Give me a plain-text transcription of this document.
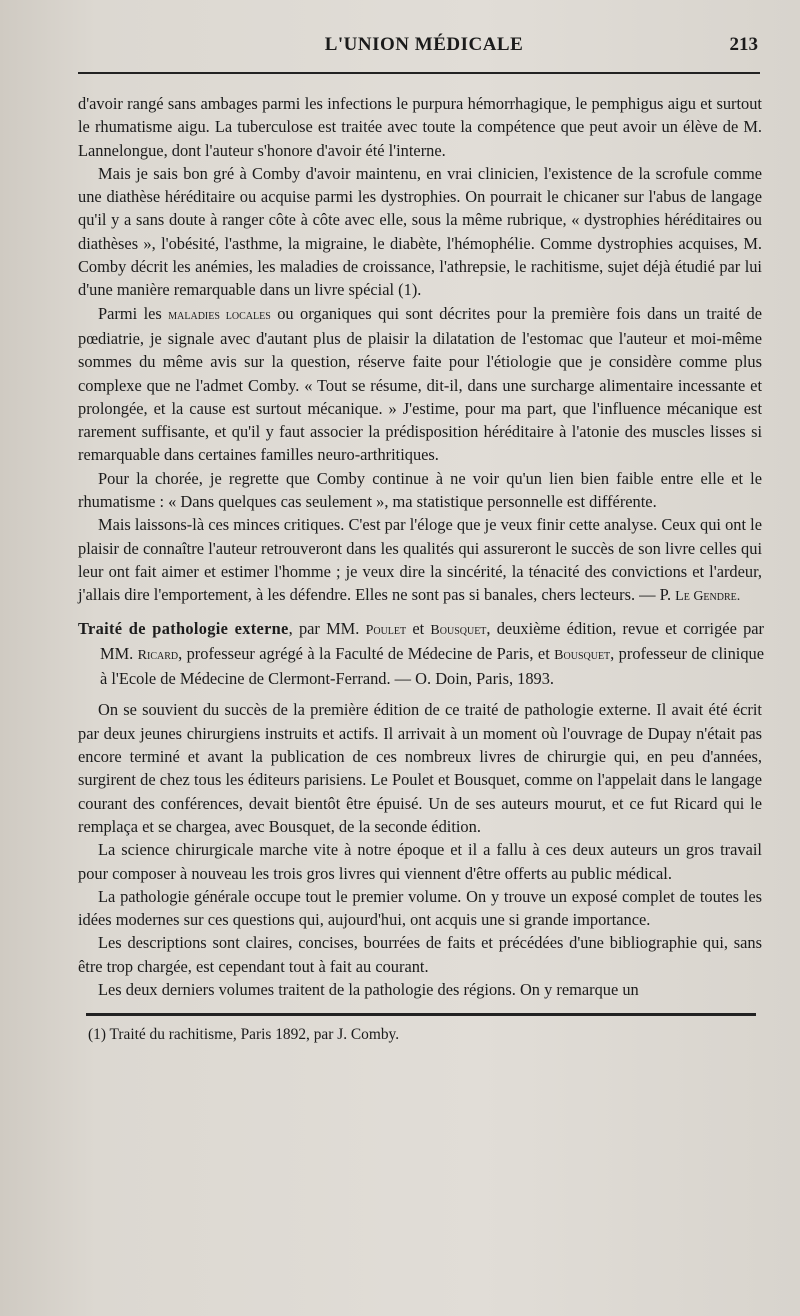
L'UNION MÉDICALE	213

d'avoir rangé sans ambages parmi les infections le purpura hémorrhagique, le pemphigus aigu et surtout le rhumatisme aigu. La tuberculose est traitée avec toute la compétence que peut avoir un élève de M. Lannelongue, dont l'auteur s'honore d'avoir été l'interne.

Mais je sais bon gré à Comby d'avoir maintenu, en vrai clinicien, l'existence de la scrofule comme une diathèse héréditaire ou acquise parmi les dystrophies. On pourrait le chicaner sur l'abus de langage qu'il y a sans doute à ranger côte à côte avec elle, sous la même rubrique, « dystrophies héréditaires ou diathèses », l'obésité, l'asthme, la migraine, le diabète, l'hémophélie. Comme dystrophies acquises, M. Comby décrit les anémies, les maladies de croissance, l'athrepsie, le rachitisme, sujet déjà étudié par lui d'une manière remarquable dans un livre spécial (1).

Parmi les maladies locales ou organiques qui sont décrites pour la première fois dans un traité de pœdiatrie, je signale avec d'autant plus de plaisir la dilatation de l'estomac que l'auteur et moi-même sommes du même avis sur la question, réserve faite pour l'étiologie que je considère comme plus complexe que ne l'admet Comby. « Tout se résume, dit-il, dans une surcharge alimentaire incessante et prolongée, et la cause est surtout mécanique. » J'estime, pour ma part, que l'influence mécanique est rarement suffisante, et qu'il y faut associer la prédisposition héréditaire à l'atonie des muscles lisses si remarquable dans certaines familles neuro-arthritiques.

Pour la chorée, je regrette que Comby continue à ne voir qu'un lien bien faible entre elle et le rhumatisme : « Dans quelques cas seulement », ma statistique personnelle est différente.

Mais laissons-là ces minces critiques. C'est par l'éloge que je veux finir cette analyse. Ceux qui ont le plaisir de connaître l'auteur retrouveront dans les qualités qui assureront le succès de son livre celles qui leur ont fait aimer et estimer l'homme ; je veux dire la sincérité, la ténacité des convictions et l'ardeur, j'allais dire l'emportement, à les défendre. Elles ne sont pas si banales, chers lecteurs. — P. Le Gendre.

Traité de pathologie externe, par MM. Poulet et Bousquet, deuxième édition, revue et corrigée par MM. Ricard, professeur agrégé à la Faculté de Médecine de Paris, et Bousquet, professeur de clinique à l'Ecole de Médecine de Clermont-Ferrand. — O. Doin, Paris, 1893.

On se souvient du succès de la première édition de ce traité de pathologie externe. Il avait été écrit par deux jeunes chirurgiens instruits et actifs. Il arrivait à un moment où l'ouvrage de Dupay n'était pas encore terminé et avant la publication de ces nombreux livres de chirurgie qui, en peu d'années, surgirent de chez tous les éditeurs parisiens. Le Poulet et Bousquet, comme on l'appelait dans le langage courant des conférences, devait bientôt être épuisé. Un de ses auteurs mourut, et ce fut Ricard qui le remplaça et se chargea, avec Bousquet, de la seconde édition.

La science chirurgicale marche vite à notre époque et il a fallu à ces deux auteurs un gros travail pour composer à nouveau les trois gros livres qui viennent d'être offerts au public médical.

La pathologie générale occupe tout le premier volume. On y trouve un exposé complet de toutes les idées modernes sur ces questions qui, aujourd'hui, ont acquis une si grande importance.

Les descriptions sont claires, concises, bourrées de faits et précédées d'une bibliographie qui, sans être trop chargée, est cependant tout à fait au courant.

Les deux derniers volumes traitent de la pathologie des régions. On y remarque un

(1) Traité du rachitisme, Paris 1892, par J. Comby.
